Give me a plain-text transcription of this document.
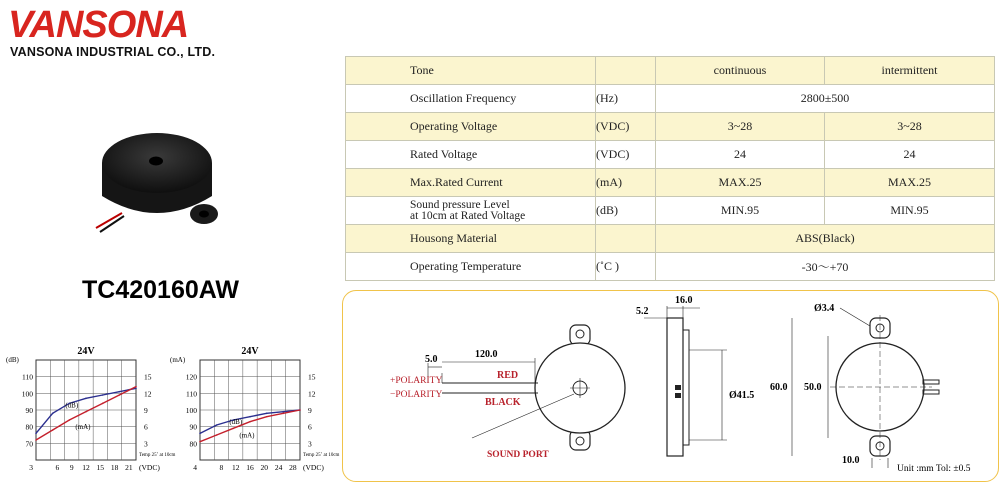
VANSONA
VANSONA INDUSTRIAL CO., LTD.
TC420160AW
Tone		continuous	intermittent
Oscillation Frequency	(Hz)	2800±500	
Operating Voltage	(VDC)	3~28	3~28
Rated Voltage	(VDC)	24	24
Max.Rated Current	(mA)	MAX.25	MAX.25
Sound pressure Level
at 10cm at Rated Voltage	(dB)	MIN.95	MIN.95
Housong Material		ABS(Black)	
Operating Temperature	(˚C )	-30～+70	
5.0	120.0
+POLARITY
−POLARITY
RED
BLACK
SOUND PORT
5.2
16.0
Ø41.5
Ø3.4
60.0 50.0
10.0
Unit :mm Tol: ±0.5
24V
(dB)
70
80
90
100
110
3
6
9
12
15
3	6 9 12 15 18 21 (VDC)
Temp 25˚ at 10cm
(dB)
(mA)
24V
(mA)
80
90
100
110
120
3
6
9
12
15
4	8 12 16 20 24 28 (VDC)
Temp 25˚ at 10cm
(dB)
(mA)
